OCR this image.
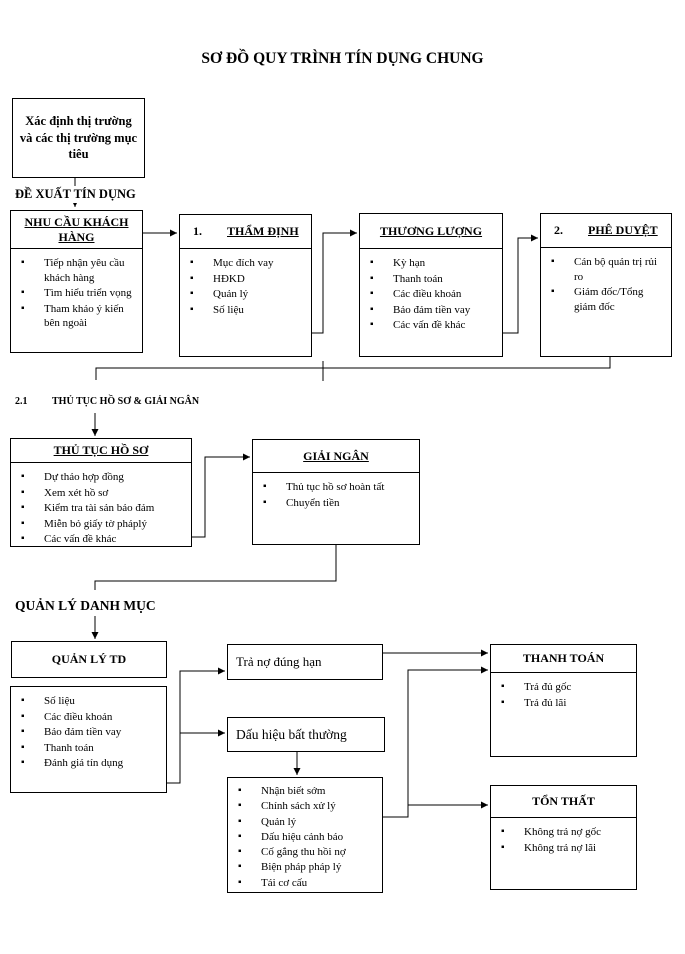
SƠ ĐỒ QUY TRÌNH TÍN DỤNG CHUNG
Xác định thị trường và các thị trường mục tiêu
ĐỀ XUẤT TÍN DỤNG
NHU CẦU KHÁCH HÀNG
▪ Tiếp nhận yêu cầu khách hàng
▪ Tìm hiểu triển vọng
▪ Tham khảo ý kiến bên ngoài
1. THẨM ĐỊNH
▪ Mục đích vay
▪ HĐKD
▪ Quản lý
▪ Số liệu
THƯƠNG LƯỢNG
▪ Kỳ hạn
▪ Thanh toán
▪ Các điều khoản
▪ Bảo đảm tiền vay
▪ Các vấn đề khác
2. PHÊ DUYỆT
▪ Cán bộ quản trị rủi ro
▪ Giám đốc/Tổng giám đốc
2.1 THỦ TỤC HỒ SƠ & GIẢI NGÂN
THỦ TỤC HỒ SƠ
▪ Dự thảo hợp đồng
▪ Xem xét hồ sơ
▪ Kiểm tra tài sản bảo đảm
▪ Miễn bỏ giấy tờ pháplý
▪ Các vấn đề khác
GIẢI NGÂN
▪ Thủ tục hồ sơ hoàn tất
▪ Chuyển tiền
QUẢN LÝ DANH MỤC
QUẢN LÝ TD
▪ Số liệu
▪ Các điều khoản
▪ Bảo đảm tiền vay
▪ Thanh toán
▪ Đánh giá tín dụng
Trả nợ đúng hạn
Dấu hiệu bất thường
▪ Nhận biết sớm
▪ Chính sách xử lý
▪ Quản lý
▪ Dấu hiệu cảnh báo
▪ Cố gắng thu hồi nợ
▪ Biện pháp pháp lý
▪ Tái cơ cấu
THANH TOÁN
▪ Trả đủ gốc
▪ Trả đủ lãi
TỔN THẤT
▪ Không trả nợ gốc
▪ Không trả nợ lãi
